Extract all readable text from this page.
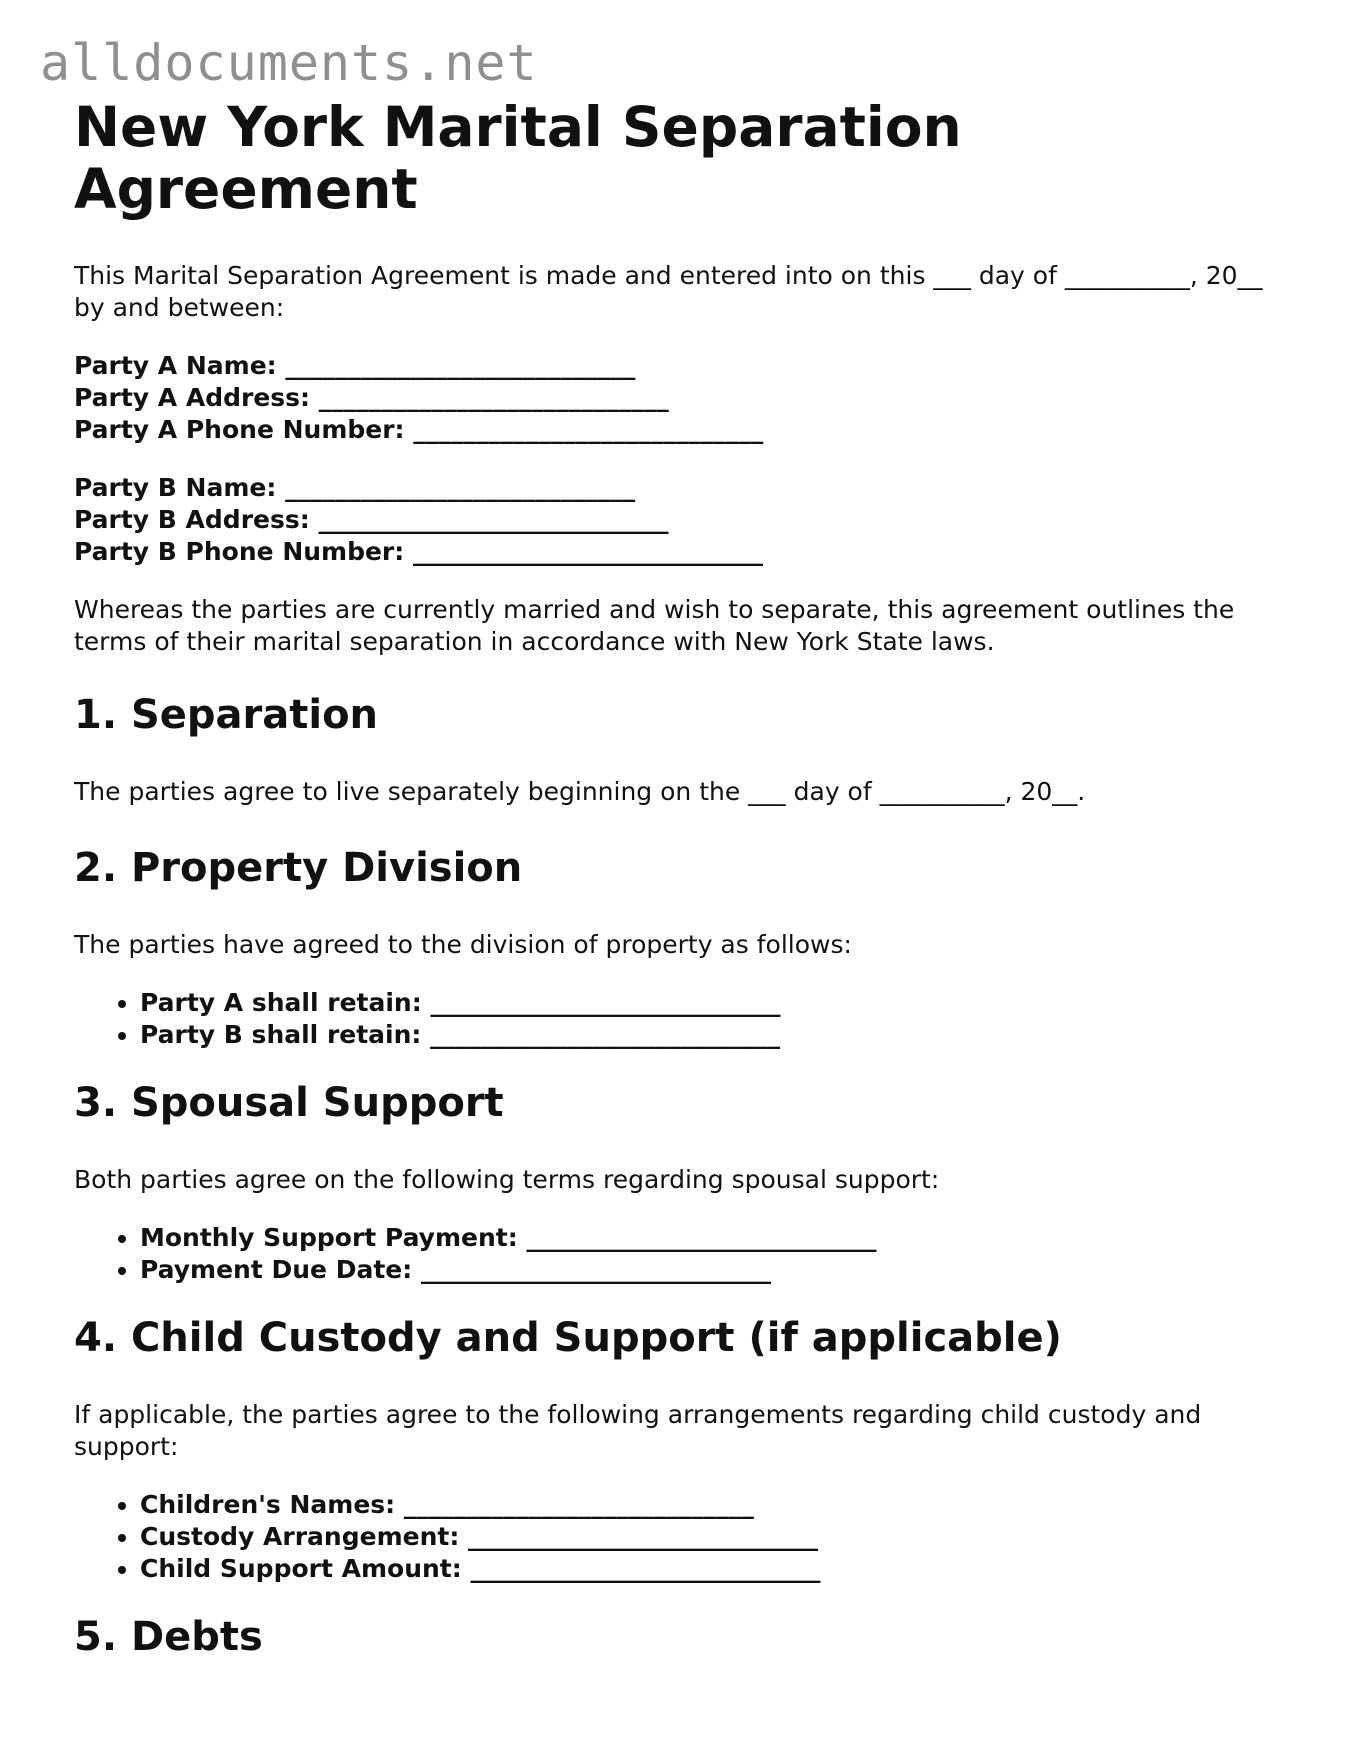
alldocuments.net
New York Marital Separation Agreement

This Marital Separation Agreement is made and entered into on this ___ day of __________, 20__ by and between:

Party A Name: ____________________________
Party A Address: ____________________________
Party A Phone Number: ____________________________
Party B Name: ____________________________
Party B Address: ____________________________
Party B Phone Number: ____________________________

Whereas the parties are currently married and wish to separate, this agreement outlines the terms of their marital separation in accordance with New York State laws.

1. Separation

The parties agree to live separately beginning on the ___ day of __________, 20__.

2. Property Division

The parties have agreed to the division of property as follows:

• Party A shall retain: ____________________________
• Party B shall retain: ____________________________
3. Spousal Support

Both parties agree on the following terms regarding spousal support:

• Monthly Support Payment: ____________________________
• Payment Due Date: ____________________________
4. Child Custody and Support (if applicable)

If applicable, the parties agree to the following arrangements regarding child custody and support:

• Children's Names: ____________________________
• Custody Arrangement: ____________________________
• Child Support Amount: ____________________________
5. Debts
